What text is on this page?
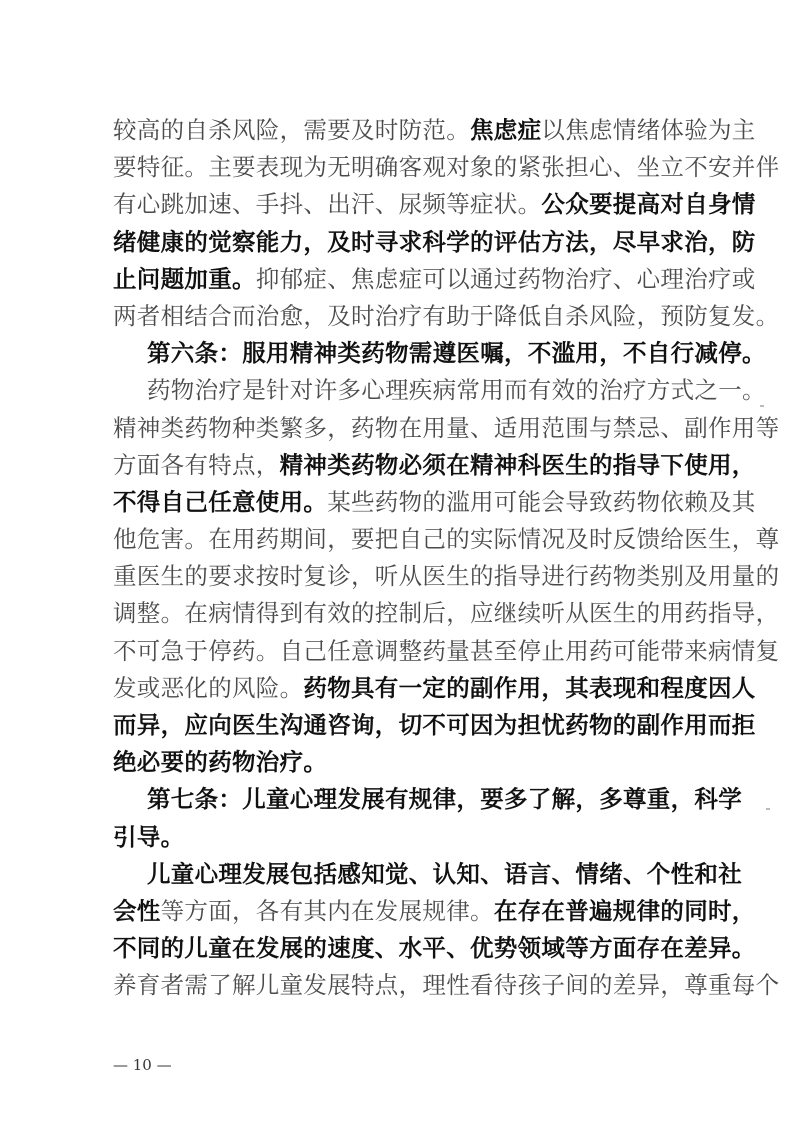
较高的自杀风险，需要及时防范。焦虑症以焦虑情绪体验为主
要特征。主要表现为无明确客观对象的紧张担心、坐立不安并伴
有心跳加速、手抖、出汗、尿频等症状。公众要提高对自身情
绪健康的觉察能力，及时寻求科学的评估方法，尽早求治，防
止问题加重。抑郁症、焦虑症可以通过药物治疗、心理治疗或
两者相结合而治愈，及时治疗有助于降低自杀风险，预防复发。
第六条：服用精神类药物需遵医嘱，不滥用，不自行减停。
药物治疗是针对许多心理疾病常用而有效的治疗方式之一。
精神类药物种类繁多，药物在用量、适用范围与禁忌、副作用等
方面各有特点，精神类药物必须在精神科医生的指导下使用，
不得自己任意使用。某些药物的滥用可能会导致药物依赖及其
他危害。在用药期间，要把自己的实际情况及时反馈给医生，尊
重医生的要求按时复诊，听从医生的指导进行药物类别及用量的
调整。在病情得到有效的控制后，应继续听从医生的用药指导，
不可急于停药。自己任意调整药量甚至停止用药可能带来病情复
发或恶化的风险。药物具有一定的副作用，其表现和程度因人
而异，应向医生沟通咨询，切不可因为担忧药物的副作用而拒
绝必要的药物治疗。
第七条：儿童心理发展有规律，要多了解，多尊重，科学
引导。
儿童心理发展包括感知觉、认知、语言、情绪、个性和社
会性等方面，各有其内在发展规律。在存在普遍规律的同时，
不同的儿童在发展的速度、水平、优势领域等方面存在差异。
养育者需了解儿童发展特点，理性看待孩子间的差异，尊重每个
— 10 —
